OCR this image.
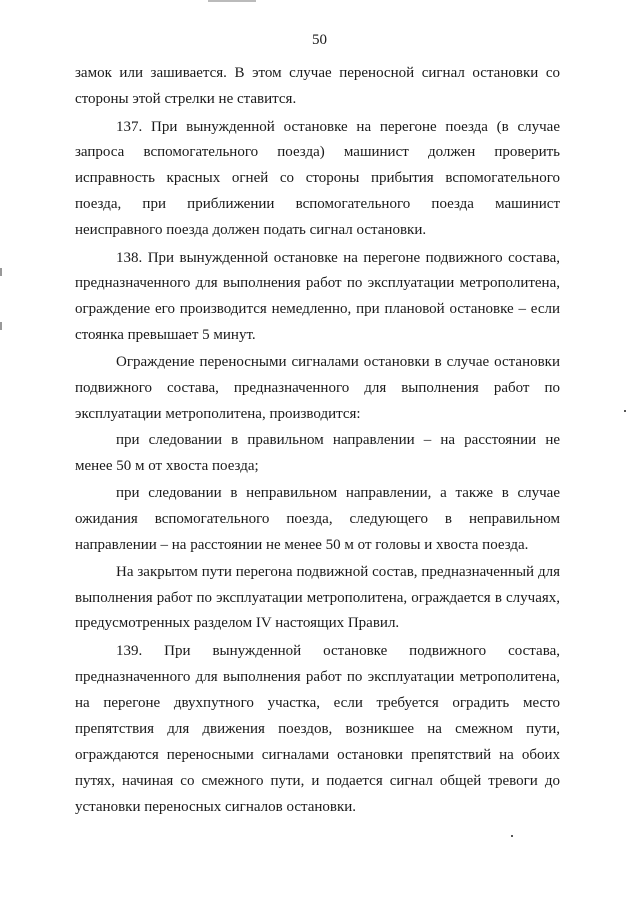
50
замок или зашивается. В этом случае переносной сигнал остановки со
стороны этой стрелки не ставится.
137. При вынужденной остановке на перегоне поезда (в случае
запроса вспомогательного поезда) машинист должен проверить
исправность красных огней со стороны прибытия вспомогательного
поезда, при приближении вспомогательного поезда машинист
неисправного поезда должен подать сигнал остановки.
138. При вынужденной остановке на перегоне подвижного состава,
предназначенного для выполнения работ по эксплуатации метрополитена,
ограждение его производится немедленно, при плановой остановке – если
стоянка превышает 5 минут.
Ограждение переносными сигналами остановки в случае остановки
подвижного состава, предназначенного для выполнения работ по
эксплуатации метрополитена, производится:
при следовании в правильном направлении – на расстоянии не
менее 50 м от хвоста поезда;
при следовании в неправильном направлении, а также в случае
ожидания вспомогательного поезда, следующего в неправильном
направлении – на расстоянии не менее 50 м от головы и хвоста поезда.
На закрытом пути перегона подвижной состав, предназначенный для
выполнения работ по эксплуатации метрополитена, ограждается в случаях,
предусмотренных разделом IV настоящих Правил.
139. При вынужденной остановке подвижного состава,
предназначенного для выполнения работ по эксплуатации метрополитена,
на перегоне двухпутного участка, если требуется оградить место
препятствия для движения поездов, возникшее на смежном пути,
ограждаются переносными сигналами остановки препятствий на обоих
путях, начиная со смежного пути, и подается сигнал общей тревоги до
установки переносных сигналов остановки.
